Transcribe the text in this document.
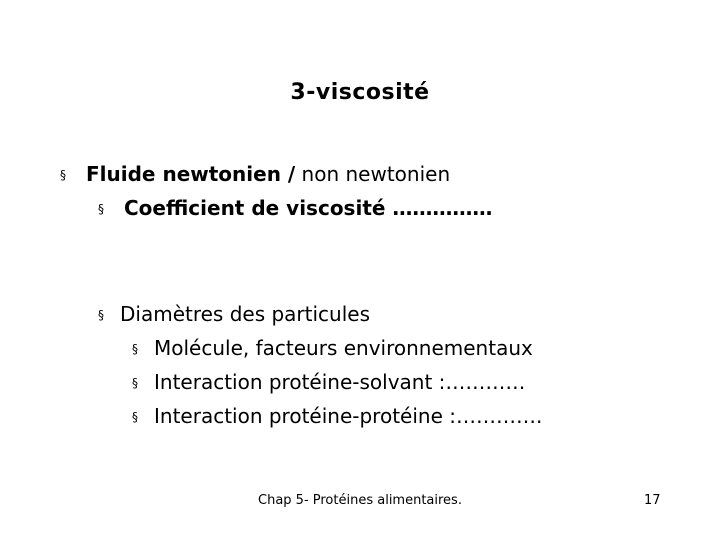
3-viscosité
§	Fluide newtonien / non newtonien
§	Coefficient de viscosité ……………
§ Diamètres des particules
§ Molécule, facteurs environnementaux
§ Interaction protéine-solvant :…………
§ Interaction protéine-protéine :………….
Chap 5- Protéines alimentaires.	17
